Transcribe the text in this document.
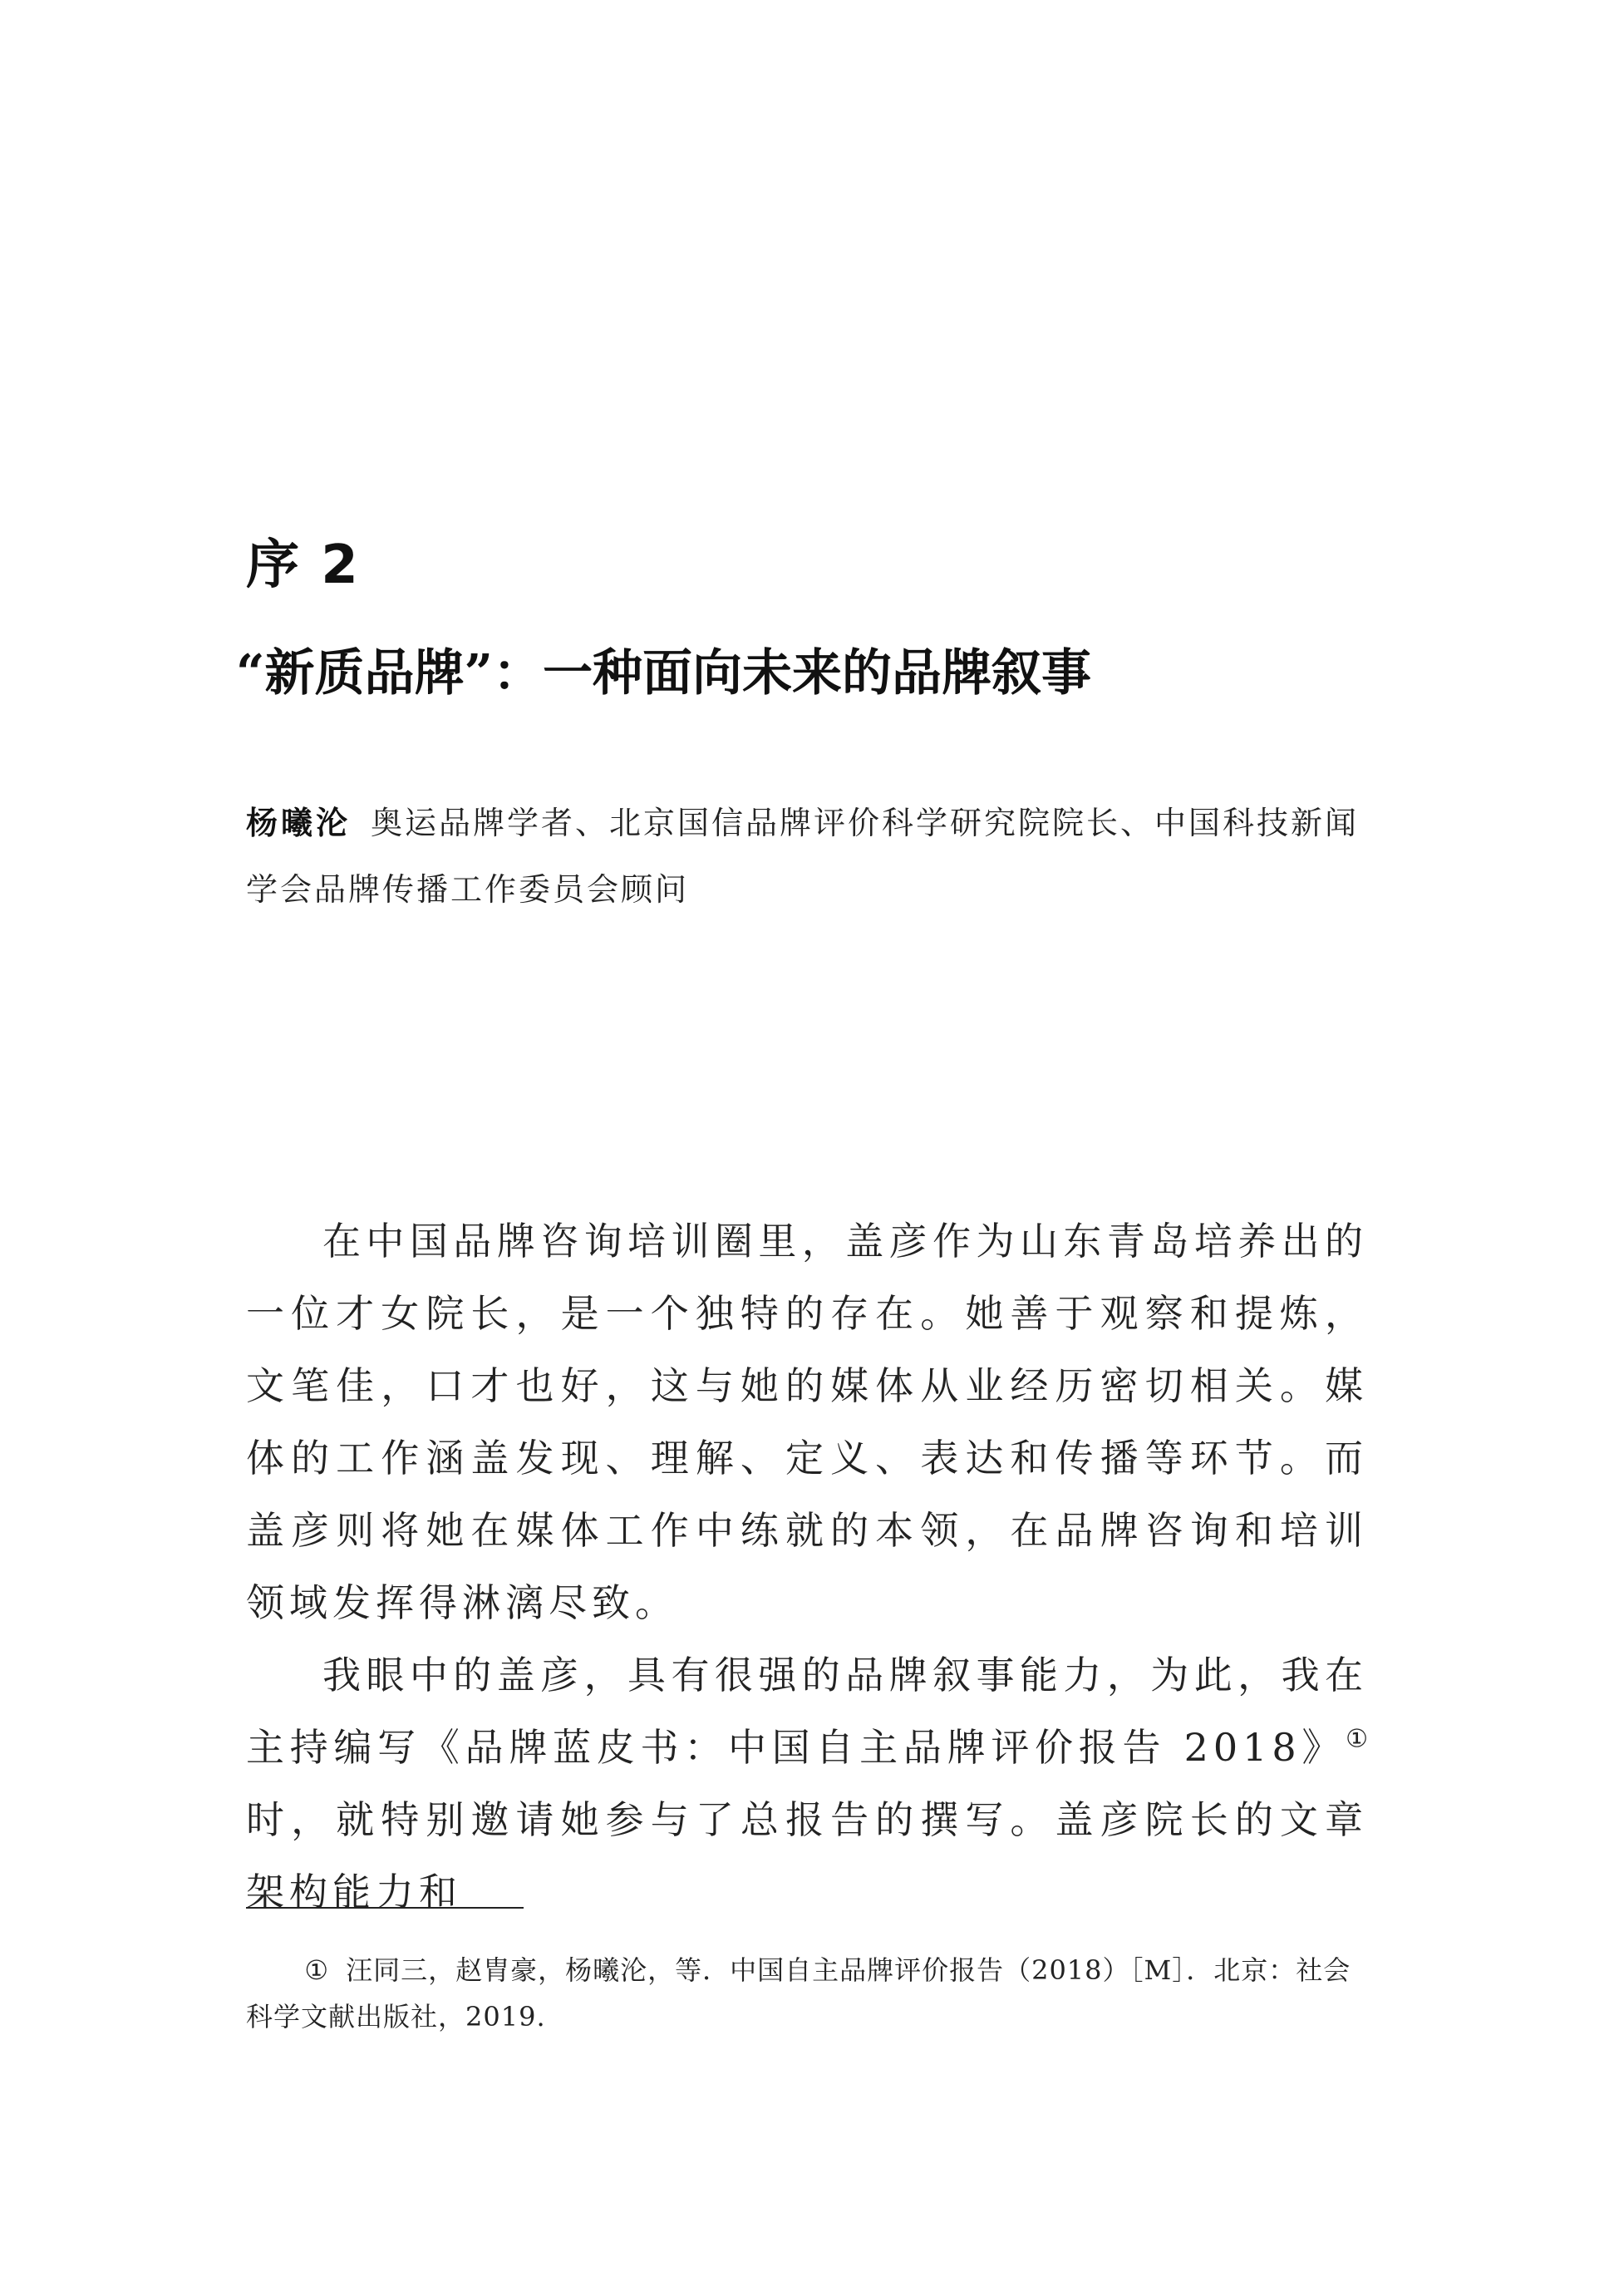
序 2
“新质品牌”：一种面向未来的品牌叙事
杨曦沦 奥运品牌学者、北京国信品牌评价科学研究院院长、中国科技新闻学会品牌传播工作委员会顾问

在中国品牌咨询培训圈里，盖彦作为山东青岛培养出的一位才女院长，是一个独特的存在。她善于观察和提炼，文笔佳，口才也好，这与她的媒体从业经历密切相关。媒体的工作涵盖发现、理解、定义、表达和传播等环节。而盖彦则将她在媒体工作中练就的本领，在品牌咨询和培训领域发挥得淋漓尽致。

我眼中的盖彦，具有很强的品牌叙事能力，为此，我在主持编写《品牌蓝皮书：中国自主品牌评价报告 2018》① 时，就特别邀请她参与了总报告的撰写。盖彦院长的文章架构能力和

① 汪同三，赵胄豪，杨曦沦，等．中国自主品牌评价报告（2018）［M］．北京：社会科学文献出版社，2019.
